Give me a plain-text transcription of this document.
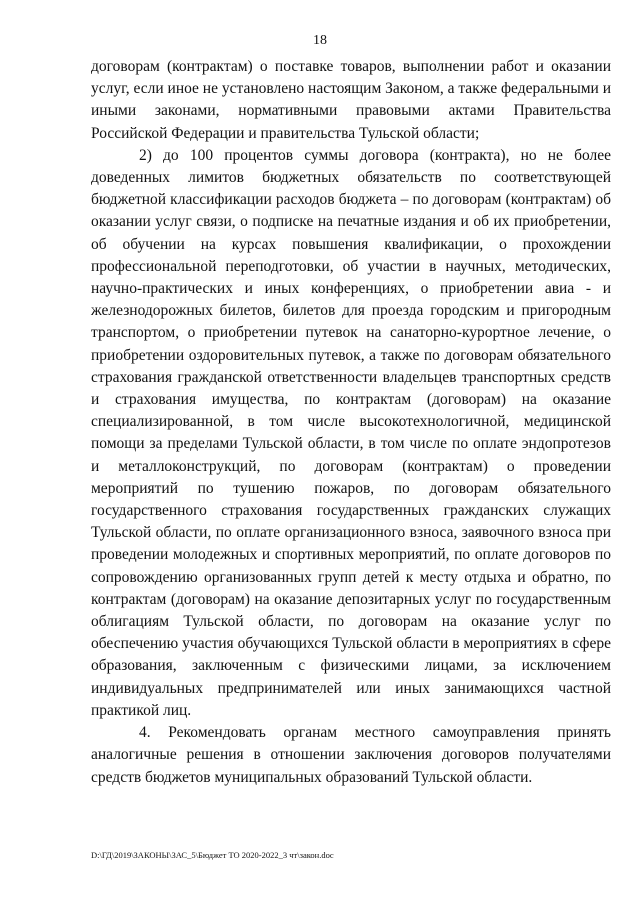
18

договорам (контрактам) о поставке товаров, выполнении работ и оказании услуг, если иное не установлено настоящим Законом, а также федеральными и иными законами, нормативными правовыми актами Правительства Российской Федерации и правительства Тульской области;

2) до 100 процентов суммы договора (контракта), но не более доведенных лимитов бюджетных обязательств по соответствующей бюджетной классификации расходов бюджета – по договорам (контрактам) об оказании услуг связи, о подписке на печатные издания и об их приобретении, об обучении на курсах повышения квалификации, о прохождении профессиональной переподготовки, об участии в научных, методических, научно-практических и иных конференциях, о приобретении авиа - и железнодорожных билетов, билетов для проезда городским и пригородным транспортом, о приобретении путевок на санаторно-курортное лечение, о приобретении оздоровительных путевок, а также по договорам обязательного страхования гражданской ответственности владельцев транспортных средств и страхования имущества, по контрактам (договорам) на оказание специализированной, в том числе высокотехнологичной, медицинской помощи за пределами Тульской области, в том числе по оплате эндопротезов и металлоконструкций, по договорам (контрактам) о проведении мероприятий по тушению пожаров, по договорам обязательного государственного страхования государственных гражданских служащих Тульской области, по оплате организационного взноса, заявочного взноса при проведении молодежных и спортивных мероприятий, по оплате договоров по сопровождению организованных групп детей к месту отдыха и обратно, по контрактам (договорам) на оказание депозитарных услуг по государственным облигациям Тульской области, по договорам на оказание услуг по обеспечению участия обучающихся Тульской области в мероприятиях в сфере образования, заключенным с физическими лицами, за исключением индивидуальных предпринимателей или иных занимающихся частной практикой лиц.

4. Рекомендовать органам местного самоуправления принять аналогичные решения в отношении заключения договоров получателями средств бюджетов муниципальных образований Тульской области.

D:\ГД\2019\ЗАКОНЫ\ЗАС_5\Бюджет ТО 2020-2022_3 чт\закон.doc
